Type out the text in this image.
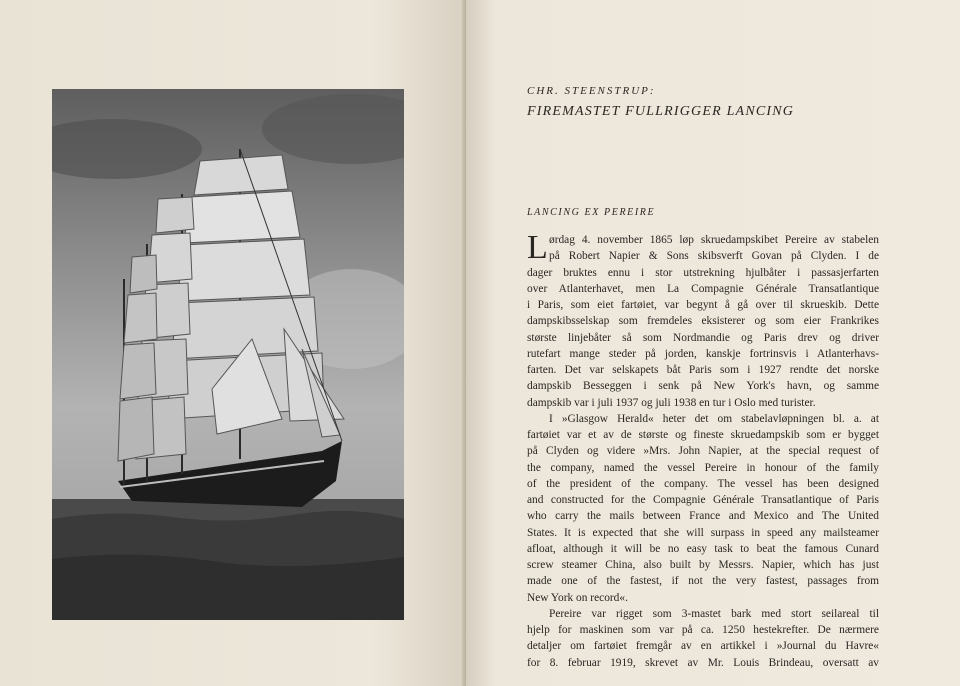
CHR. STEENSTRUP:
FIREMASTET FULLRIGGER LANCING
LANCING EX PEREIRE
L ørdag 4. november 1865 løp skruedampskibet Pereire av stabelen

på Robert Napier & Sons skibsverft Govan på Clyden. I de

dager bruktes ennu i stor utstrekning hjulbåter i passasjerfarten

over Atlanterhavet, men La Compagnie Générale Transatlantique

i Paris, som eiet fartøiet, var begynt å gå over til skrueskib. Dette

dampskibsselskap som fremdeles eksisterer og som eier Frankrikes

største linjebåter så som Nordmandie og Paris drev og driver

rutefart mange steder på jorden, kanskje fortrinsvis i Atlanterhavs-

farten. Det var selskapets båt Paris som i 1927 rendte det norske

dampskib Besseggen i senk på New York's havn, og samme

dampskib var i juli 1937 og juli 1938 en tur i Oslo med turister.

I »Glasgow Herald« heter det om stabelavløpningen bl. a. at

fartøiet var et av de største og fineste skruedampskib som er bygget

på Clyden og videre »Mrs. John Napier, at the special request of

the company, named the vessel Pereire in honour of the family

of the president of the company. The vessel has been designed

and constructed for the Compagnie Générale Transatlantique of Paris

who carry the mails between France and Mexico and The United

States. It is expected that she will surpass in speed any mailsteamer

afloat, although it will be no easy task to beat the famous Cunard

screw steamer China, also built by Messrs. Napier, which has just

made one of the fastest, if not the very fastest, passages from

New York on record«.

Pereire var rigget som 3-mastet bark med stort seilareal til

hjelp for maskinen som var på ca. 1250 hestekrefter. De nærmere

detaljer om fartøiet fremgår av en artikkel i »Journal du Havre«

for 8. februar 1919, skrevet av Mr. Louis Brindeau, oversatt av
